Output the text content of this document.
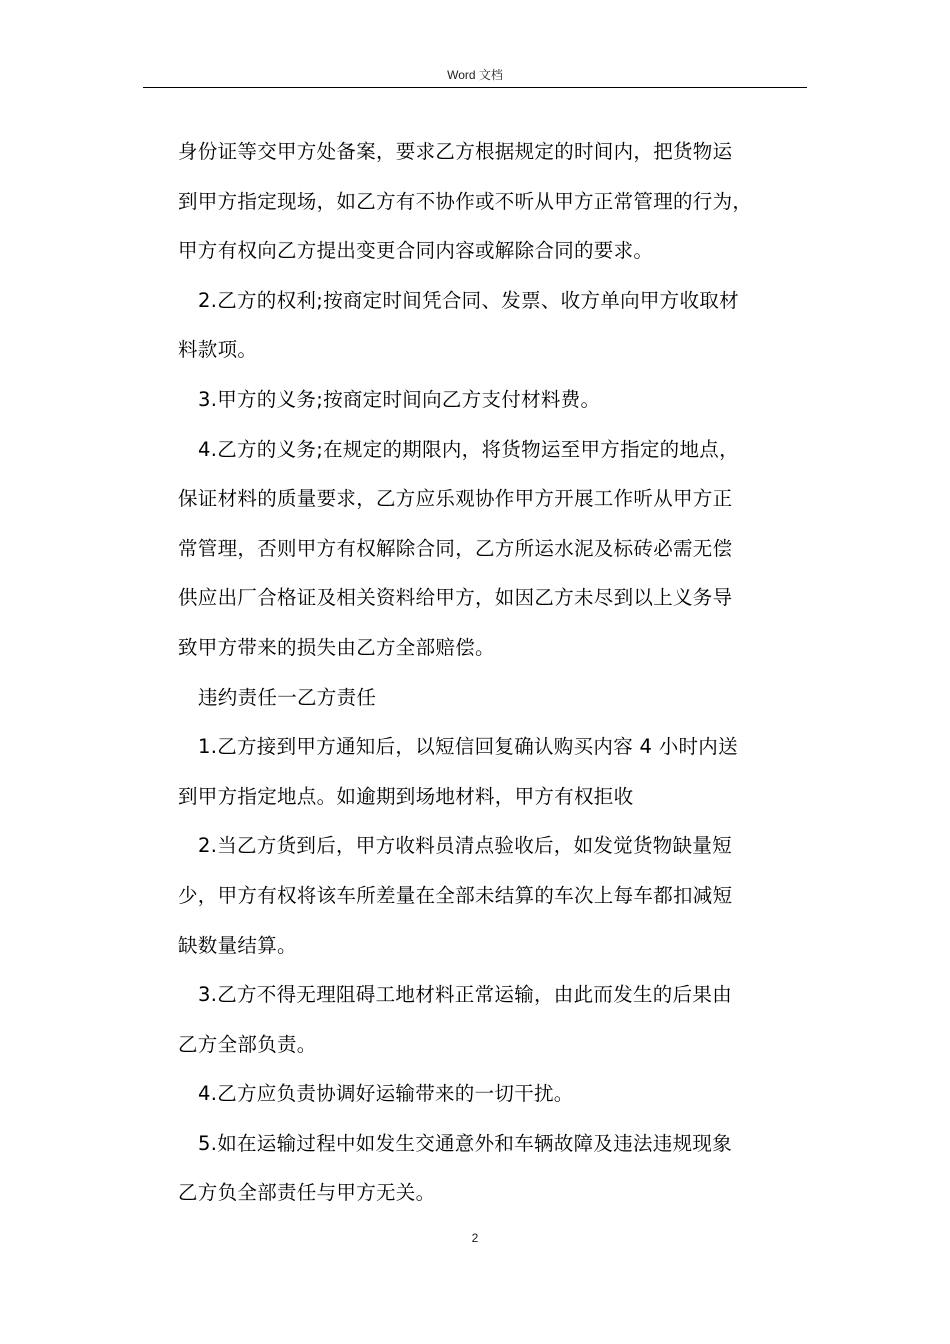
Word 文档

身份证等交甲方处备案，要求乙方根据规定的时间内，把货物运

到甲方指定现场，如乙方有不协作或不听从甲方正常管理的行为，

甲方有权向乙方提出变更合同内容或解除合同的要求。

2.乙方的权利;按商定时间凭合同、发票、收方单向甲方收取材

料款项。

3.甲方的义务;按商定时间向乙方支付材料费。

4.乙方的义务;在规定的期限内，将货物运至甲方指定的地点，

保证材料的质量要求，乙方应乐观协作甲方开展工作听从甲方正

常管理，否则甲方有权解除合同，乙方所运水泥及标砖必需无偿

供应出厂合格证及相关资料给甲方，如因乙方未尽到以上义务导

致甲方带来的损失由乙方全部赔偿。

违约责任一乙方责任

1.乙方接到甲方通知后，以短信回复确认购买内容 4 小时内送

到甲方指定地点。如逾期到场地材料，甲方有权拒收

2.当乙方货到后，甲方收料员清点验收后，如发觉货物缺量短

少，甲方有权将该车所差量在全部未结算的车次上每车都扣减短

缺数量结算。

3.乙方不得无理阻碍工地材料正常运输，由此而发生的后果由

乙方全部负责。

4.乙方应负责协调好运输带来的一切干扰。

5.如在运输过程中如发生交通意外和车辆故障及违法违规现象

乙方负全部责任与甲方无关。

2
